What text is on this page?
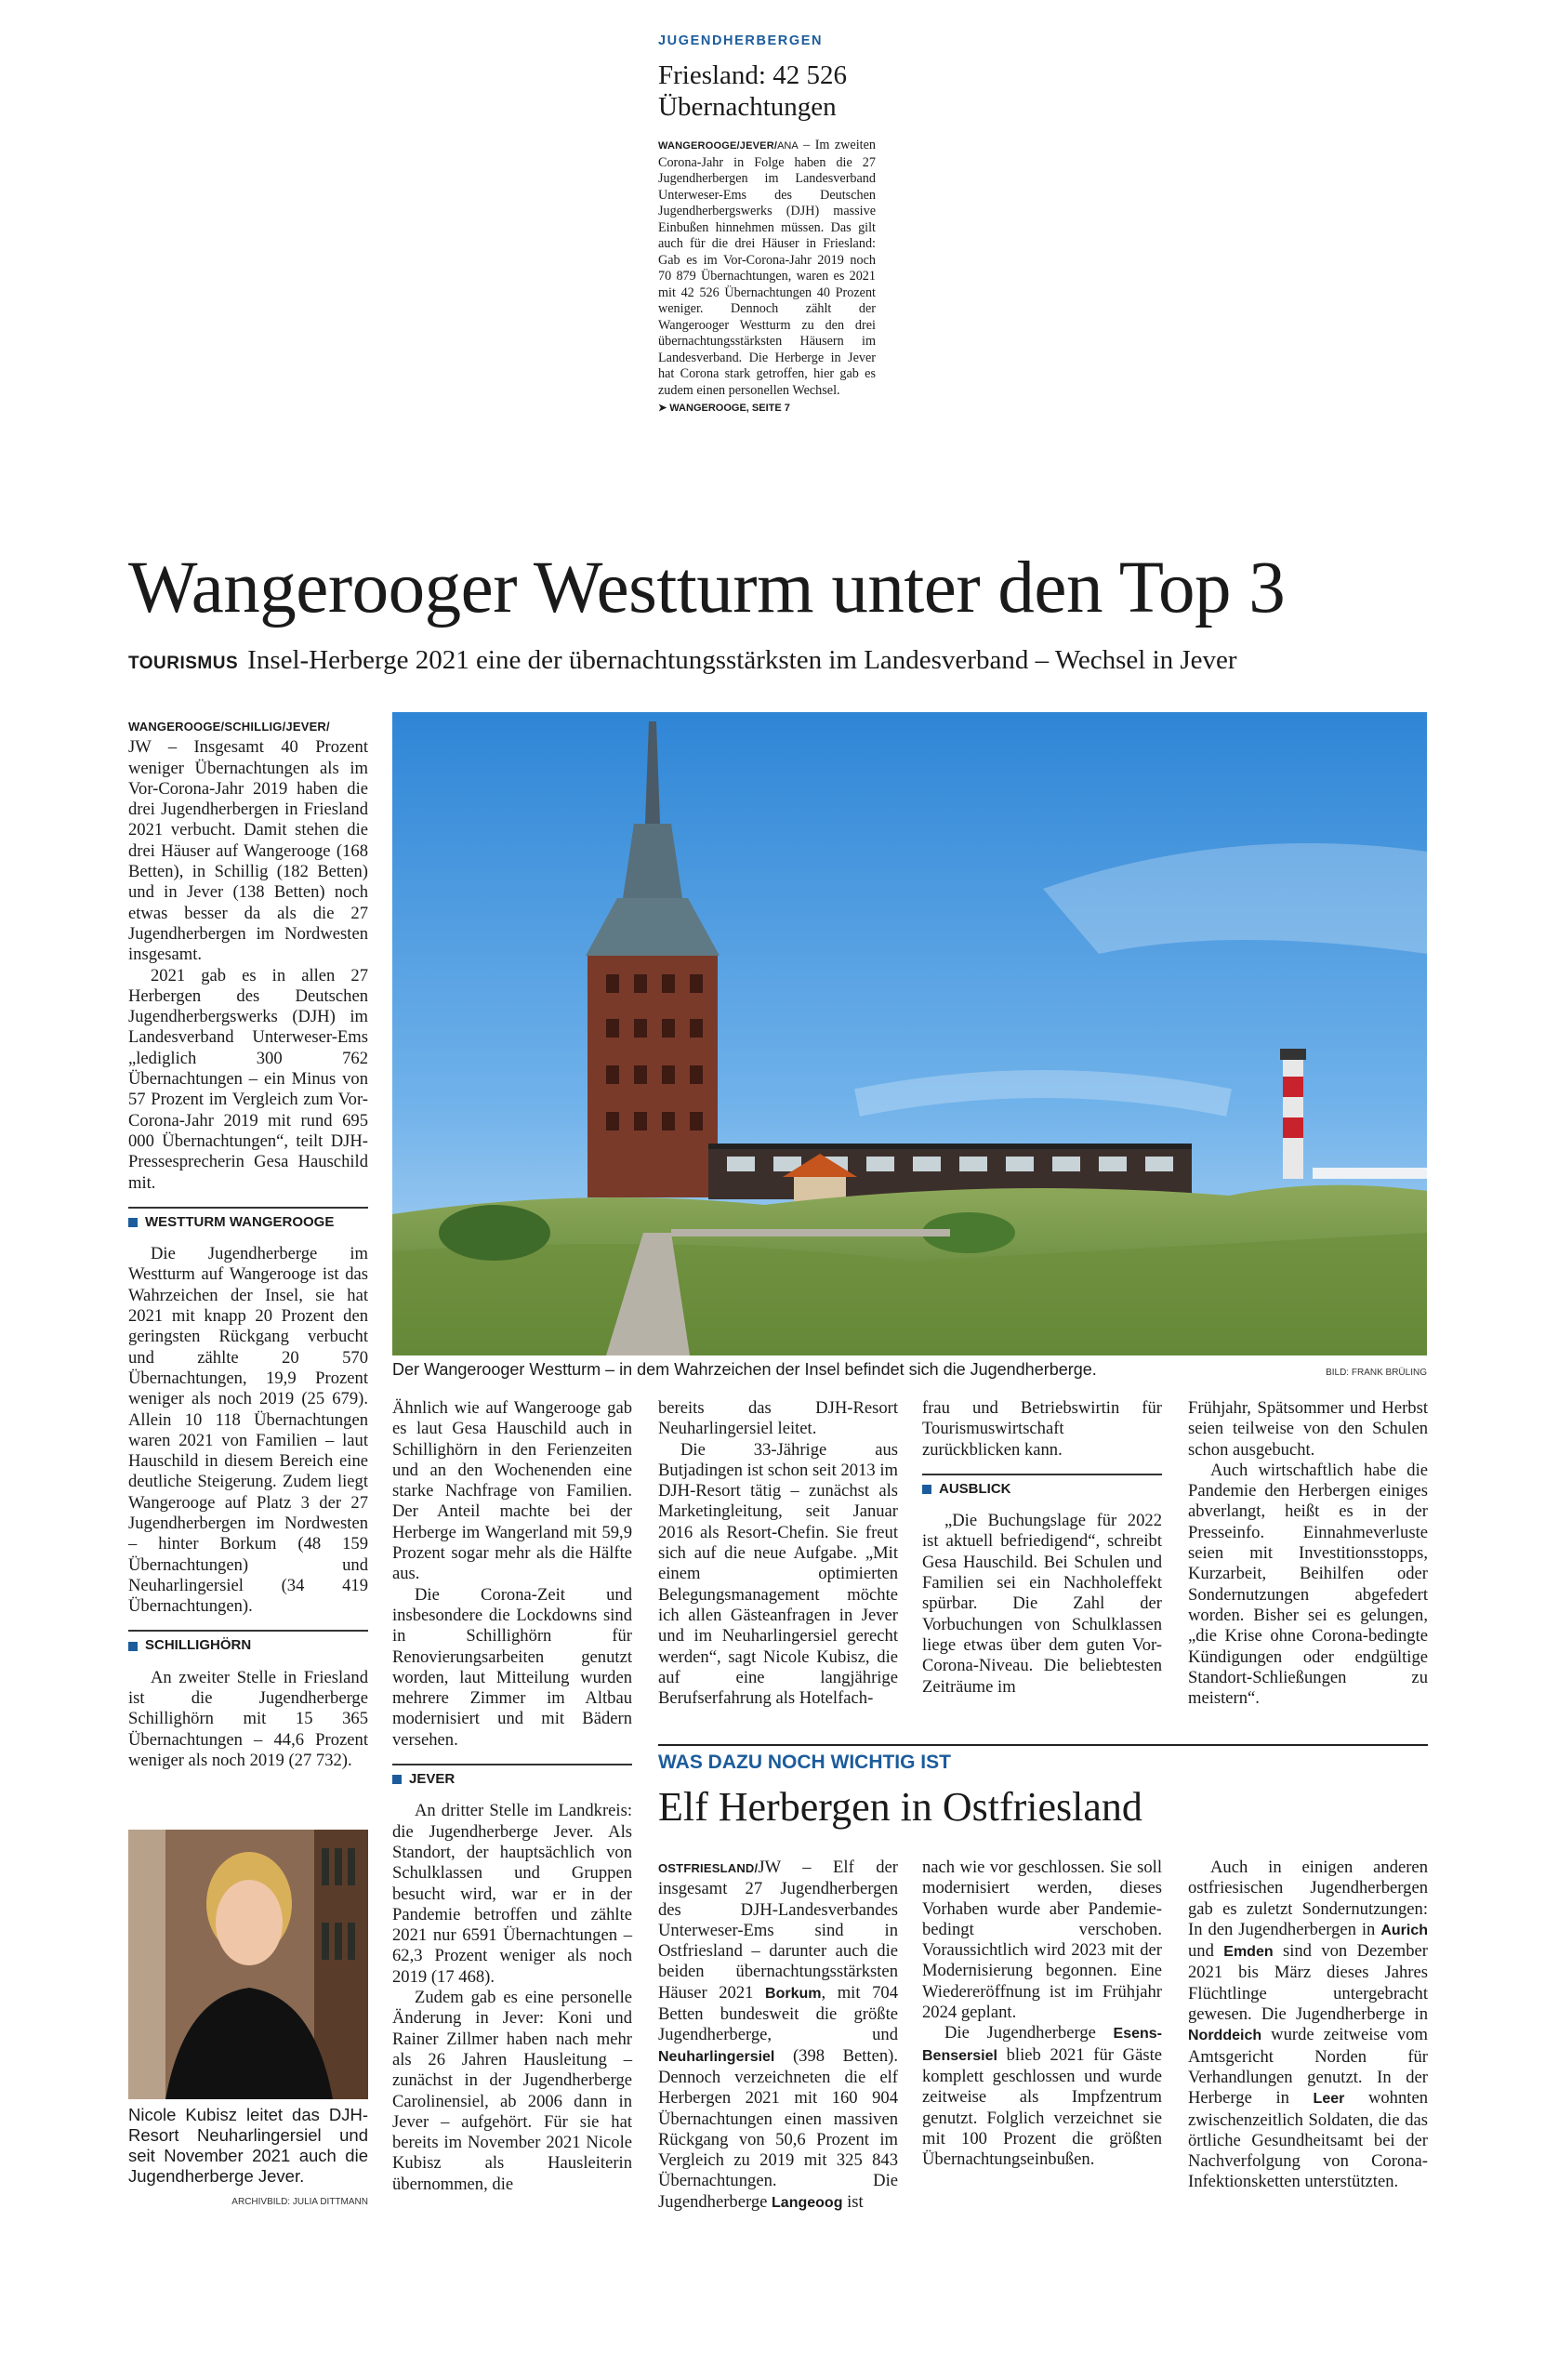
JUGENDHERBERGEN
Friesland: 42 526 Übernachtungen
WANGEROOGE/JEVER/ANA – Im zweiten Corona-Jahr in Folge haben die 27 Jugendherbergen im Landesverband Unterweser-Ems des Deutschen Jugendherbergswerks (DJH) massive Einbußen hinnehmen müssen. Das gilt auch für die drei Häuser in Friesland: Gab es im Vor-Corona-Jahr 2019 noch 70 879 Übernachtungen, waren es 2021 mit 42 526 Übernachtungen 40 Prozent weniger. Dennoch zählt der Wangerooger Westturm zu den drei übernachtungsstärksten Häusern im Landesverband. Die Herberge in Jever hat Corona stark getroffen, hier gab es zudem einen personellen Wechsel.
➤ WANGEROOGE, SEITE 7
Wangerooger Westturm unter den Top 3
TOURISMUS Insel-Herberge 2021 eine der übernachtungsstärksten im Landesverband – Wechsel in Jever
Der Wangerooger Westturm – in dem Wahrzeichen der Insel befindet sich die Jugendherberge.	BILD: FRANK BRÜLING

WANGEROOGE/SCHILLIG/JEVER/
JW – Insgesamt 40 Prozent weniger Übernachtungen als im Vor-Corona-Jahr 2019 haben die drei Jugendherbergen in Friesland 2021 verbucht. Damit stehen die drei Häuser auf Wangerooge (168 Betten), in Schillig (182 Betten) und in Jever (138 Betten) noch etwas besser da als die 27 Jugendherbergen im Nordwesten insgesamt.

2021 gab es in allen 27 Herbergen des Deutschen Jugendherbergswerks (DJH) im Landesverband Unterweser-Ems „lediglich 300 762 Übernachtungen – ein Minus von 57 Prozent im Vergleich zum Vor-Corona-Jahr 2019 mit rund 695 000 Übernachtungen“, teilt DJH-Pressesprecherin Gesa Hauschild mit.

WESTTURM WANGEROOGE

Die Jugendherberge im Westturm auf Wangerooge ist das Wahrzeichen der Insel, sie hat 2021 mit knapp 20 Prozent den geringsten Rückgang verbucht und zählte 20 570 Übernachtungen, 19,9 Prozent weniger als noch 2019 (25 679). Allein 10 118 Übernachtungen waren 2021 von Familien – laut Hauschild in diesem Bereich eine deutliche Steigerung. Zudem liegt Wangerooge auf Platz 3 der 27 Jugendherbergen im Nordwesten – hinter Borkum (48 159 Übernachtungen) und Neuharlingersiel (34 419 Übernachtungen).

SCHILLIGHÖRN

An zweiter Stelle in Friesland ist die Jugendherberge Schillighörn mit 15 365 Übernachtungen – 44,6 Prozent weniger als noch 2019 (27 732).

Nicole Kubisz leitet das DJH-Resort Neuharlingersiel und seit November 2021 auch die Jugendherberge Jever.
ARCHIVBILD: JULIA DITTMANN

Ähnlich wie auf Wangerooge gab es laut Gesa Hauschild auch in Schillighörn in den Ferienzeiten und an den Wochenenden eine starke Nachfrage von Familien. Der Anteil machte bei der Herberge im Wangerland mit 59,9 Prozent sogar mehr als die Hälfte aus.

Die Corona-Zeit und insbesondere die Lockdowns sind in Schillighörn für Renovierungsarbeiten genutzt worden, laut Mitteilung wurden mehrere Zimmer im Altbau modernisiert und mit Bädern versehen.

JEVER

An dritter Stelle im Landkreis: die Jugendherberge Jever. Als Standort, der hauptsächlich von Schulklassen und Gruppen besucht wird, war er in der Pandemie betroffen und zählte 2021 nur 6591 Übernachtungen – 62,3 Prozent weniger als noch 2019 (17 468).

Zudem gab es eine personelle Änderung in Jever: Koni und Rainer Zillmer haben nach mehr als 26 Jahren Hausleitung – zunächst in der Jugendherberge Carolinensiel, ab 2006 dann in Jever – aufgehört. Für sie hat bereits im November 2021 Nicole Kubisz als Hausleiterin übernommen, die

bereits das DJH-Resort Neuharlingersiel leitet.

Die 33-Jährige aus Butjadingen ist schon seit 2013 im DJH-Resort tätig – zunächst als Marketingleitung, seit Januar 2016 als Resort-Chefin. Sie freut sich auf die neue Aufgabe. „Mit einem optimierten Belegungsmanagement möchte ich allen Gästeanfragen in Jever und im Neuharlingersiel gerecht werden“, sagt Nicole Kubisz, die auf eine langjährige Berufserfahrung als Hotelfach-

frau und Betriebswirtin für Tourismuswirtschaft zurückblicken kann.

AUSBLICK

„Die Buchungslage für 2022 ist aktuell befriedigend“, schreibt Gesa Hauschild. Bei Schulen und Familien sei ein Nachholeffekt spürbar. Die Zahl der Vorbuchungen von Schulklassen liege etwas über dem guten Vor-Corona-Niveau. Die beliebtesten Zeiträume im

Frühjahr, Spätsommer und Herbst seien teilweise von den Schulen schon ausgebucht.

Auch wirtschaftlich habe die Pandemie den Herbergen einiges abverlangt, heißt es in der Presseinfo. Einnahmeverluste seien mit Investitionsstopps, Kurzarbeit, Beihilfen oder Sondernutzungen abgefedert worden. Bisher sei es gelungen, „die Krise ohne Corona-bedingte Kündigungen oder endgültige Standort-Schließungen zu meistern“.

WAS DAZU NOCH WICHTIG IST
Elf Herbergen in Ostfriesland

OSTFRIESLAND/JW – Elf der insgesamt 27 Jugendherbergen des DJH-Landesverbandes Unterweser-Ems sind in Ostfriesland – darunter auch die beiden übernachtungsstärksten Häuser 2021 Borkum, mit 704 Betten bundesweit die größte Jugendherberge, und Neuharlingersiel (398 Betten). Dennoch verzeichneten die elf Herbergen 2021 mit 160 904 Übernachtungen einen massiven Rückgang von 50,6 Prozent im Vergleich zu 2019 mit 325 843 Übernachtungen. Die Jugendherberge Langeoog ist

nach wie vor geschlossen. Sie soll modernisiert werden, dieses Vorhaben wurde aber Pandemie-bedingt verschoben. Voraussichtlich wird 2023 mit der Modernisierung begonnen. Eine Wiedereröffnung ist im Frühjahr 2024 geplant.

Die Jugendherberge Esens-Bensersiel blieb 2021 für Gäste komplett geschlossen und wurde zeitweise als Impfzentrum genutzt. Folglich verzeichnet sie mit 100 Prozent die größten Übernachtungseinbußen.

Auch in einigen anderen ostfriesischen Jugendherbergen gab es zuletzt Sondernutzungen: In den Jugendherbergen in Aurich und Emden sind von Dezember 2021 bis März dieses Jahres Flüchtlinge untergebracht gewesen. Die Jugendherberge in Norddeich wurde zeitweise vom Amtsgericht Norden für Verhandlungen genutzt. In der Herberge in Leer wohnten zwischenzeitlich Soldaten, die das örtliche Gesundheitsamt bei der Nachverfolgung von Corona-Infektionsketten unterstützten.
